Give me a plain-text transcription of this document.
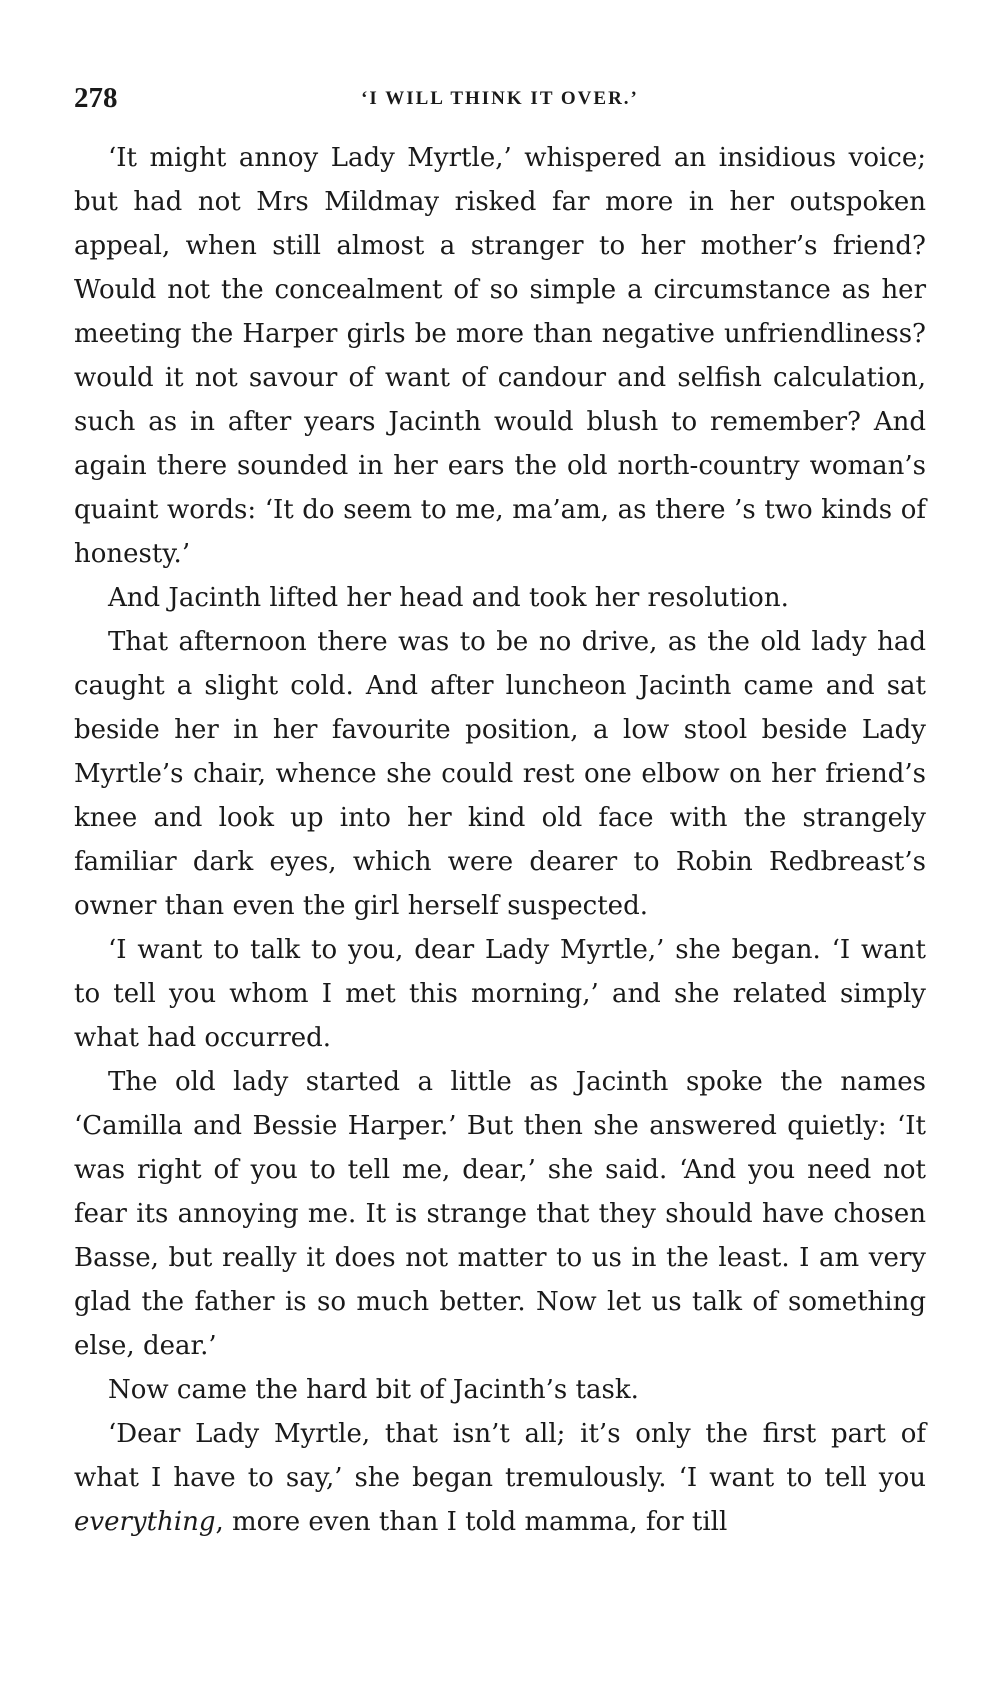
278	‘I WILL THINK IT OVER.’

‘It might annoy Lady Myrtle,’ whispered an insidious voice; but had not Mrs Mildmay risked far more in her outspoken appeal, when still almost a stranger to her mother’s friend? Would not the concealment of so simple a circumstance as her meeting the Harper girls be more than negative unfriendliness? would it not savour of want of candour and selfish calculation, such as in after years Jacinth would blush to remember? And again there sounded in her ears the old north-country woman’s quaint words: ‘It do seem to me, ma’am, as there ’s two kinds of honesty.’

And Jacinth lifted her head and took her resolution.

That afternoon there was to be no drive, as the old lady had caught a slight cold. And after luncheon Jacinth came and sat beside her in her favourite position, a low stool beside Lady Myrtle’s chair, whence she could rest one elbow on her friend’s knee and look up into her kind old face with the strangely familiar dark eyes, which were dearer to Robin Redbreast’s owner than even the girl herself suspected.

‘I want to talk to you, dear Lady Myrtle,’ she began. ‘I want to tell you whom I met this morning,’ and she related simply what had occurred.

The old lady started a little as Jacinth spoke the names ‘Camilla and Bessie Harper.’ But then she answered quietly: ‘It was right of you to tell me, dear,’ she said. ‘And you need not fear its annoying me. It is strange that they should have chosen Basse, but really it does not matter to us in the least. I am very glad the father is so much better. Now let us talk of something else, dear.’

Now came the hard bit of Jacinth’s task.

‘Dear Lady Myrtle, that isn’t all; it’s only the first part of what I have to say,’ she began tremulously. ‘I want to tell you everything, more even than I told mamma, for till
